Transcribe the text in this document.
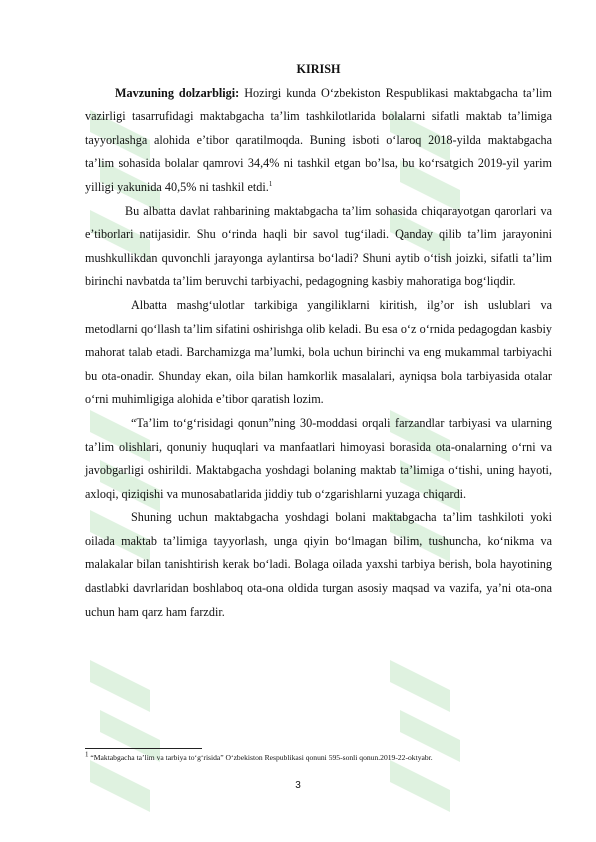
KIRISH

Mavzuning dolzarbligi: Hozirgi kunda O‘zbekiston Respublikasi maktabgacha ta’lim vazirligi tasarrufidagi maktabgacha ta’lim tashkilotlarida bolalarni sifatli maktab ta’limiga tayyorlashga alohida e’tibor qaratilmoqda. Buning isboti o‘laroq 2018-yilda maktabgacha ta’lim sohasida bolalar qamrovi 34,4% ni tashkil etgan bo’lsa, bu ko‘rsatgich 2019-yil yarim yilligi yakunida 40,5% ni tashkil etdi.$^1$

Bu albatta davlat rahbarining maktabgacha ta’lim sohasida chiqarayotgan qarorlari va e’tiborlari natijasidir. Shu o‘rinda haqli bir savol tug‘iladi. Qanday qilib ta’lim jarayonini mushkullikdan quvonchli jarayonga aylantirsa bo‘ladi? Shuni aytib o‘tish joizki, sifatli ta’lim birinchi navbatda ta’lim beruvchi tarbiyachi, pedagogning kasbiy mahoratiga bog‘liqdir.

Albatta mashg‘ulotlar tarkibiga yangiliklarni kiritish, ilg’or ish uslublari va metodlarni qo‘llash ta’lim sifatini oshirishga olib keladi. Bu esa o‘z o‘rnida pedagogdan kasbiy mahorat talab etadi. Barchamizga ma’lumki, bola uchun birinchi va eng mukammal tarbiyachi bu ota-onadir. Shunday ekan, oila bilan hamkorlik masalalari, ayniqsa bola tarbiyasida otalar o‘rni muhimligiga alohida e’tibor qaratish lozim.

“Ta’lim to‘g‘risidagi qonun”ning 30-moddasi orqali farzandlar tarbiyasi va ularning ta’lim olishlari, qonuniy huquqlari va manfaatlari himoyasi borasida ota-onalarning o‘rni va javobgarligi oshirildi. Maktabgacha yoshdagi bolaning maktab ta’limiga o‘tishi, uning hayoti, axloqi, qiziqishi va munosabatlarida jiddiy tub o‘zgarishlarni yuzaga chiqardi.

Shuning uchun maktabgacha yoshdagi bolani maktabgacha ta’lim tashkiloti yoki oilada maktab ta’limiga tayyorlash, unga qiyin bo‘lmagan bilim, tushuncha, ko‘nikma va malakalar bilan tanishtirish kerak bo‘ladi. Bolaga oilada yaxshi tarbiya berish, bola hayotining dastlabki davrlaridan boshlaboq ota-ona oldida turgan asosiy maqsad va vazifa, ya’ni ota-ona uchun ham qarz ham farzdir.

$^1$ “Maktabgacha ta’lim va tarbiya to‘g‘risida” O‘zbekiston Respublikasi qonuni 595-sonli qonun.2019-22-oktyabr.
3
